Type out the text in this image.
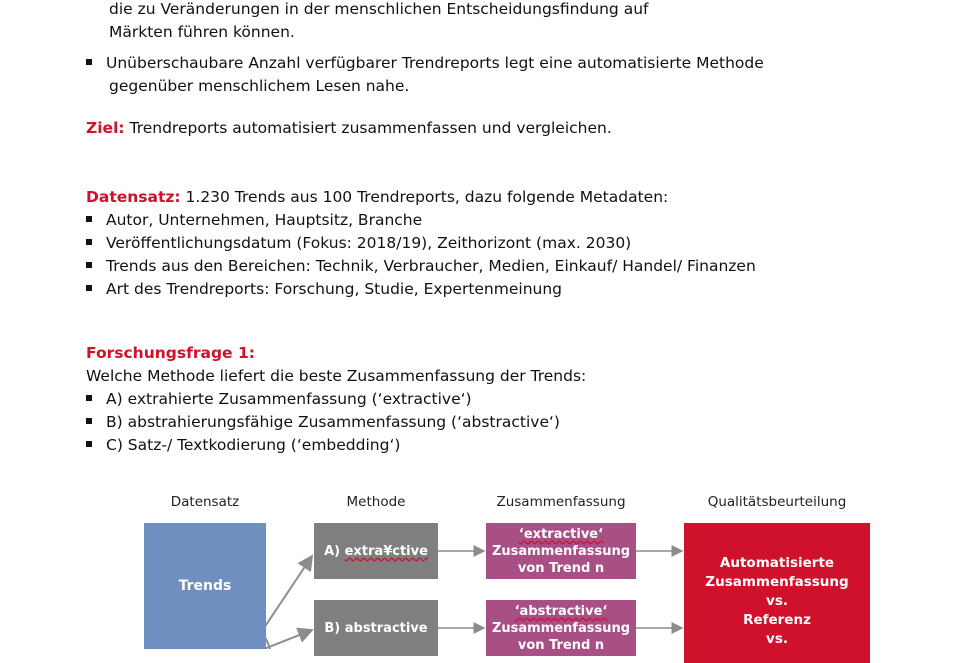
die zu Veränderungen in der menschlichen Entscheidungsfindung auf
Märkten führen können.
Unüberschaubare Anzahl verfügbarer Trendreports legt eine automatisierte Methode
gegenüber menschlichem Lesen nahe.
Ziel: Trendreports automatisiert zusammenfassen und vergleichen.
Datensatz: 1.230 Trends aus 100 Trendreports, dazu folgende Metadaten:
Autor, Unternehmen, Hauptsitz, Branche
Veröffentlichungsdatum (Fokus: 2018/19), Zeithorizont (max. 2030)
Trends aus den Bereichen: Technik, Verbraucher, Medien, Einkauf/ Handel/ Finanzen
Art des Trendreports: Forschung, Studie, Expertenmeinung
Forschungsfrage 1:
Welche Methode liefert die beste Zusammenfassung der Trends:
A) extrahierte Zusammenfassung (‘extractive‘)
B) abstrahierungsfähige Zusammenfassung (‘abstractive‘)
C) Satz-/ Textkodierung (‘embedding‘)
Datensatz	Methode	Zusammenfassung	Qualitätsbeurteilung
Trends
A) extra¥ctive
B) abstractive
‘extractive‘
Zusammenfassung
von Trend n
‘abstractive‘
Zusammenfassung
von Trend n
Automatisierte
Zusammenfassung
vs.
Referenz
vs.
